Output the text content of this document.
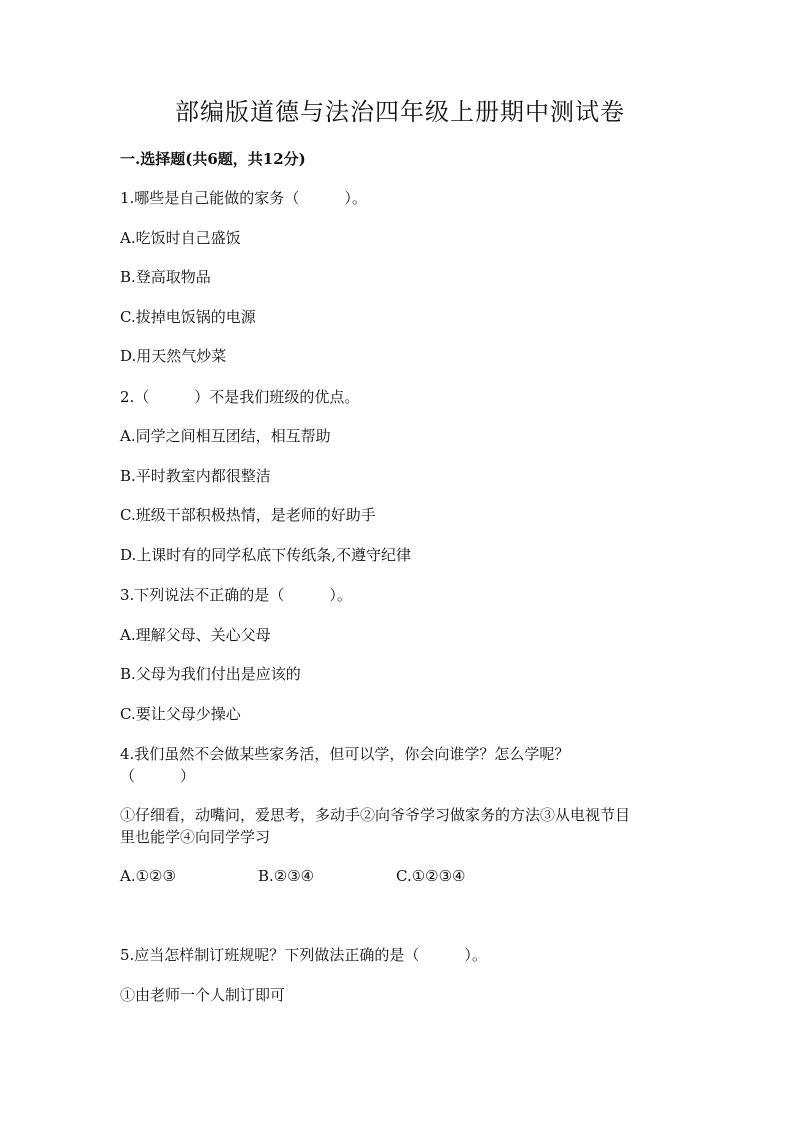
部编版道德与法治四年级上册期中测试卷
一.选择题(共6题，共12分)
1.哪些是自己能做的家务（　　　）。
A.吃饭时自己盛饭
B.登高取物品
C.拔掉电饭锅的电源
D.用天然气炒菜
2.（　　　）不是我们班级的优点。
A.同学之间相互团结，相互帮助
B.平时教室内都很整洁
C.班级干部积极热情，是老师的好助手
D.上课时有的同学私底下传纸条,不遵守纪律
3.下列说法不正确的是（　　　）。
A.理解父母、关心父母
B.父母为我们付出是应该的
C.要让父母少操心
4.我们虽然不会做某些家务活，但可以学，你会向谁学？怎么学呢？
（　　　）
①仔细看，动嘴问，爱思考，多动手②向爷爷学习做家务的方法③从电视节目
里也能学④向同学学习
A.①②③	B.②③④	C.①②③④
5.应当怎样制订班规呢？下列做法正确的是（　　　）。
①由老师一个人制订即可
